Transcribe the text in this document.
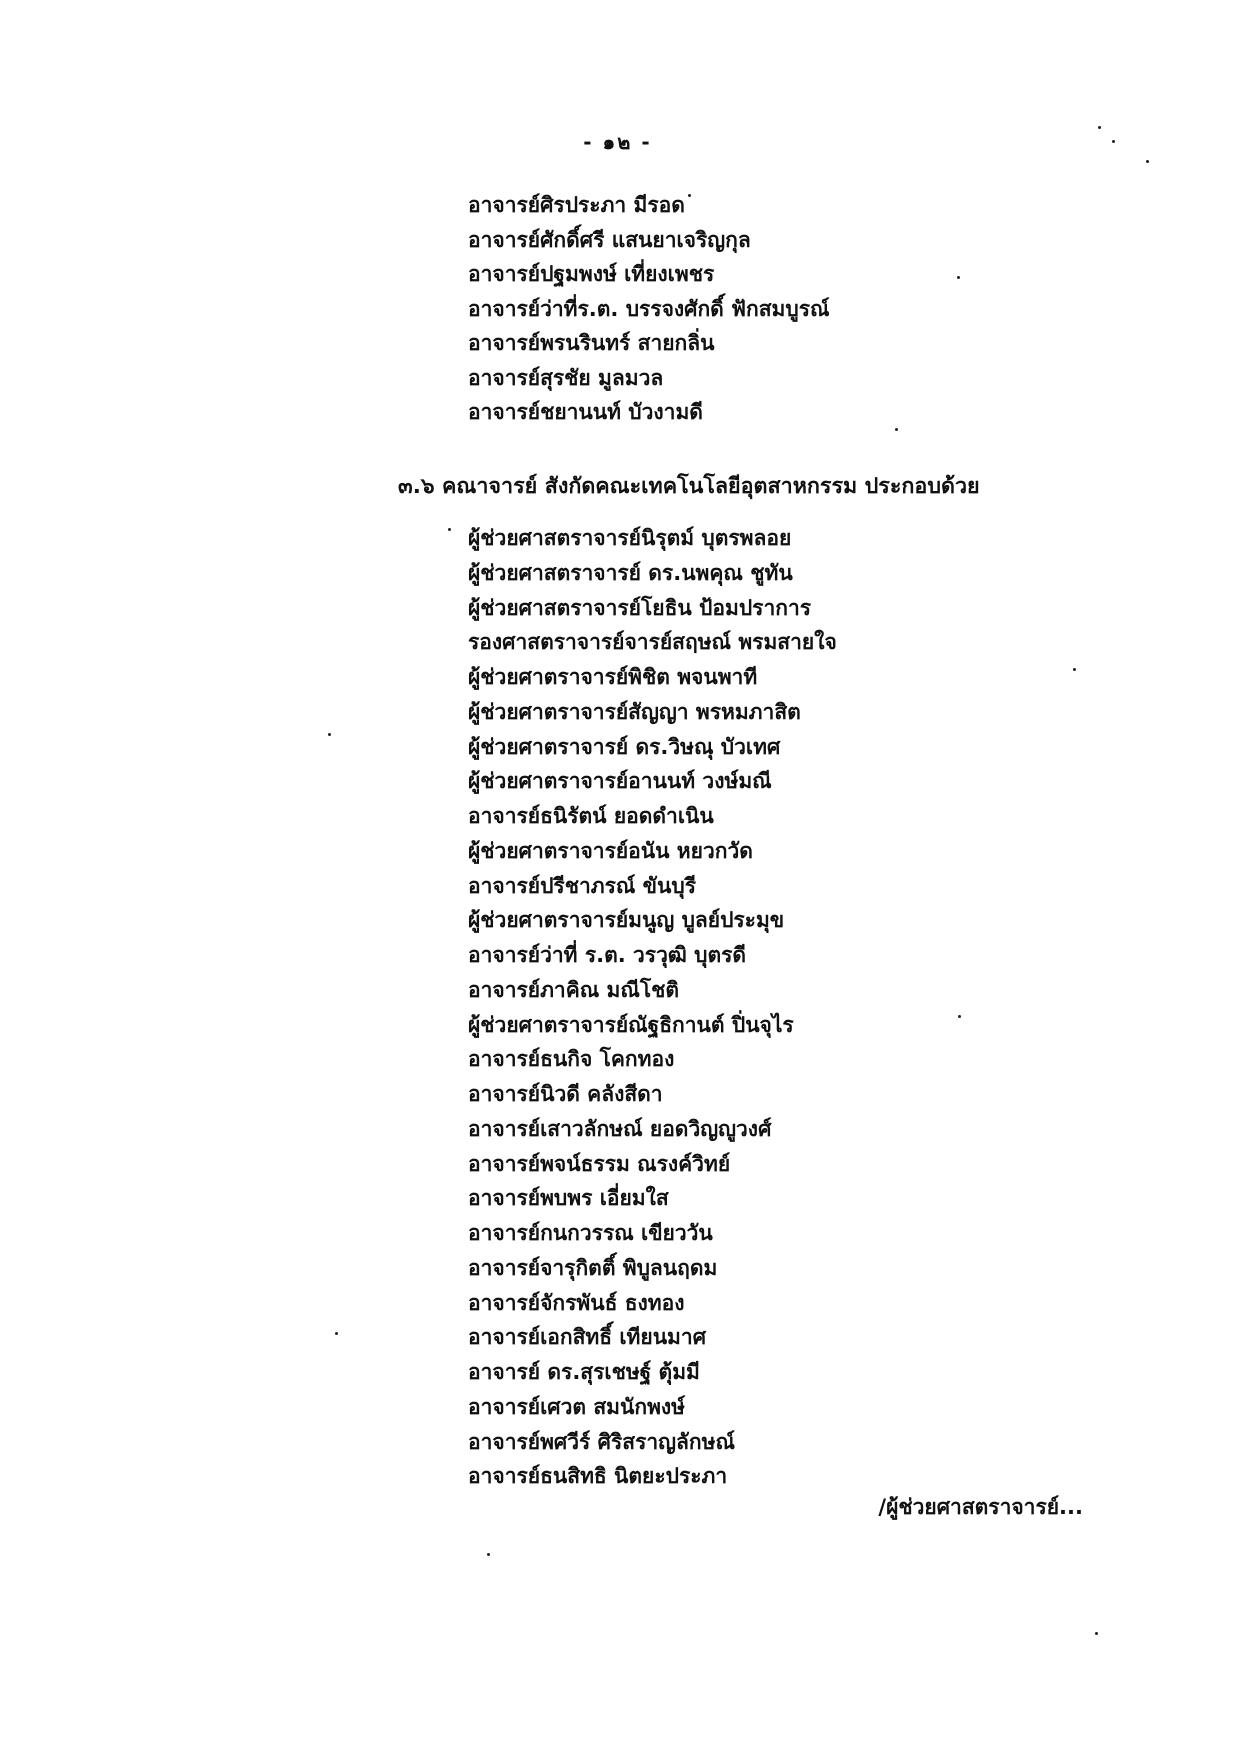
- ๑๒ -
อาจารย์ศิรประภา มีรอด
อาจารย์ศักดิ์ศรี แสนยาเจริญกุล
อาจารย์ปฐมพงษ์ เที่ยงเพชร
อาจารย์ว่าที่ร.ต. บรรจงศักดิ์ ฟักสมบูรณ์
อาจารย์พรนรินทร์ สายกลิ่น
อาจารย์สุรชัย มูลมวล
อาจารย์ชยานนท์ บัวงามดี
๓.๖ คณาจารย์ สังกัดคณะเทคโนโลยีอุตสาหกรรม ประกอบด้วย
ผู้ช่วยศาสตราจารย์นิรุตม์ บุตรพลอย
ผู้ช่วยศาสตราจารย์ ดร.นพคุณ ชูทัน
ผู้ช่วยศาสตราจารย์โยธิน ป้อมปราการ
รองศาสตราจารย์จารย์สฤษณ์ พรมสายใจ
ผู้ช่วยศาตราจารย์พิชิต พจนพาที
ผู้ช่วยศาตราจารย์สัญญา พรหมภาสิต
ผู้ช่วยศาตราจารย์ ดร.วิษณุ บัวเทศ
ผู้ช่วยศาตราจารย์อานนท์ วงษ์มณี
อาจารย์ธนิรัตน์ ยอดดำเนิน
ผู้ช่วยศาตราจารย์อนัน หยวกวัด
อาจารย์ปรีชาภรณ์ ขันบุรี
ผู้ช่วยศาตราจารย์มนูญ บูลย์ประมุข
อาจารย์ว่าที่ ร.ต. วรวุฒิ บุตรดี
อาจารย์ภาคิณ มณีโชติ
ผู้ช่วยศาตราจารย์ณัฐธิกานต์ ปิ่นจุไร
อาจารย์ธนกิจ โคกทอง
อาจารย์นิวดี คลังสีดา
อาจารย์เสาวลักษณ์ ยอดวิญญูวงศ์
อาจารย์พจน์ธรรม ณรงค์วิทย์
อาจารย์พบพร เอี่ยมใส
อาจารย์กนกวรรณ เขียววัน
อาจารย์จารุกิตติ์ พิบูลนฤดม
อาจารย์จักรพันธ์ ธงทอง
อาจารย์เอกสิทธิ์ เทียนมาศ
อาจารย์ ดร.สุรเชษฐ์ ตุ้มมี
อาจารย์เศวต สมนักพงษ์
อาจารย์พศวีร์ ศิริสราญลักษณ์
อาจารย์ธนสิทธิ นิตยะประภา
/ผู้ช่วยศาสตราจารย์...
